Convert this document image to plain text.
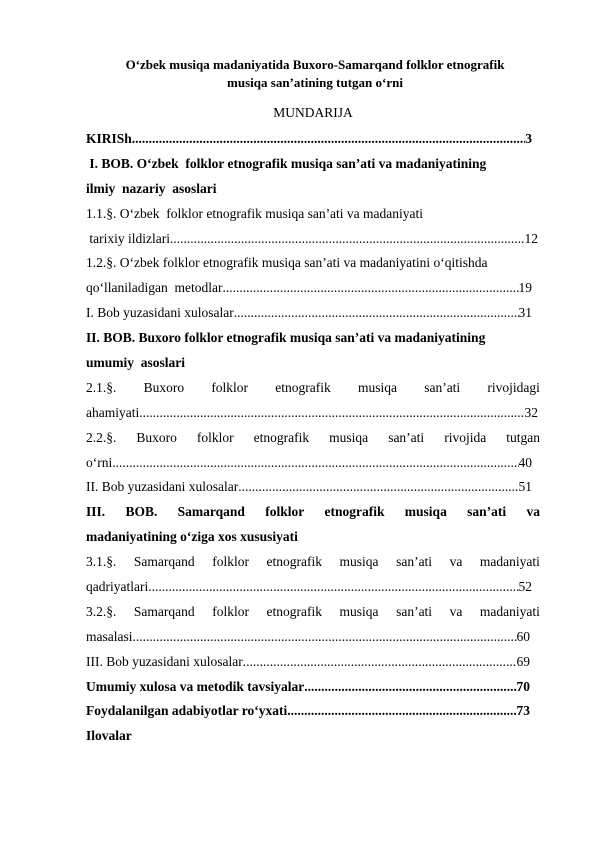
O‘zbek musiqa madaniyatida Buxoro-Samarqand folklor etnografik
musiqa san’atining tutgan o‘rni
MUNDARIJA
KIRISh .....	3
I. BOB. O‘zbek  folklor etnografik musiqa san’ati va madaniyatining
ilmiy  nazariy  asoslari
1.1.§. O‘zbek  folklor etnografik musiqa san’ati va madaniyati
tarixiy ildizlari .....	12
1.2.§. O‘zbek folklor etnografik musiqa san’ati va madaniyatini o‘qitishda
qo‘llaniladigan  metodlar .....	19
I. Bob yuzasidani xulosalar .....	31
II. BOB. Buxoro folklor etnografik musiqa san’ati va madaniyatining
umumiy  asoslari
2.1.§. Buxoro folklor etnografik musiqa san’ati rivojidagi
ahamiyati .....	32
2.2.§. Buxoro folklor etnografik musiqa san’ati rivojida tutgan
o‘rni .....	40
II. Bob yuzasidani xulosalar .....	51
III. BOB. Samarqand folklor etnografik musiqa san’ati va
madaniyatining o‘ziga xos xususiyati
3.1.§. Samarqand folklor etnografik musiqa san’ati va madaniyati
qadriyatlari .....	52
3.2.§. Samarqand folklor etnografik musiqa san’ati va madaniyati
masalasi .....	60
III. Bob yuzasidani xulosalar .....	69
Umumiy xulosa va metodik tavsiyalar .....	70
Foydalanilgan adabiyotlar ro‘yxati .....	73
Ilovalar
